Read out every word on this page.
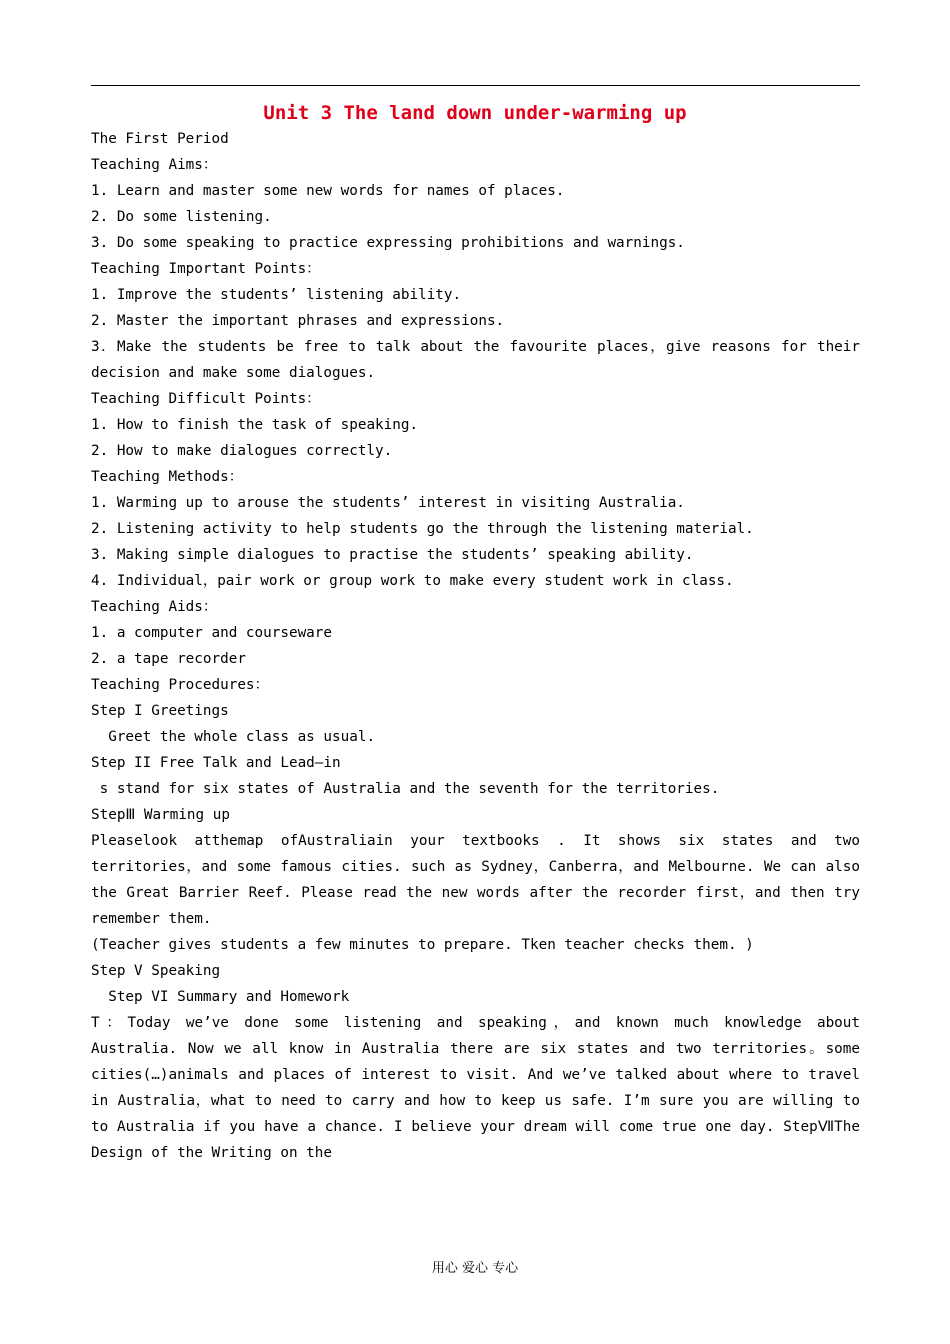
Unit 3 The land down under-warming up
The First Period
Teaching Aims：
1. Learn and master some new words for names of places.
2. Do some listening.
3. Do some speaking to practice expressing prohibitions and warnings.
Teaching Important Points：
1. Improve the students’ listening ability.
2. Master the important phrases and expressions.
3．Make the students be free to talk about the favourite places，give reasons for their
decision and make some dialogues.
Teaching Difficult Points：
1. How to finish the task of speaking.
2. How to make dialogues correctly.
Teaching Methods：
1. Warming up to arouse the students’ interest in visiting Australia.
2. Listening activity to help students go the through the listening material.
3. Making simple dialogues to practise the students’ speaking ability.
4. Individual，pair work or group work to make every student work in class.
Teaching Aids：
1. a computer and courseware
2. a tape recorder
Teaching Procedures：
Step I Greetings
Greet the whole class as usual.
Step II Free Talk and Lead—in
s stand for six states of Australia and the seventh for the territories.
StepⅢ Warming up
Pleaselook atthemap ofAustraliain your textbooks . It shows six states and two
territories，and some famous cities. such as Sydney，Canberra，and Melbourne. We can also
the Great Barrier Reef. Please read the new words after the recorder first，and then try
remember them.
(Teacher gives students a few minutes to prepare. Tken teacher checks them. )
Step V Speaking
Step VI Summary and Homework
T：Today we’ve done some listening and speaking，and known much knowledge about
Australia. Now we all know in Australia there are six states and two territories。some
cities(…)animals and places of interest to visit. And we’ve talked about where to travel
in Australia，what to need to carry and how to keep us safe. I’m sure you are willing to
to Australia if you have a chance. I believe your dream will come true one day. StepⅦThe
Design of the Writing on the
用心 爱心 专心
